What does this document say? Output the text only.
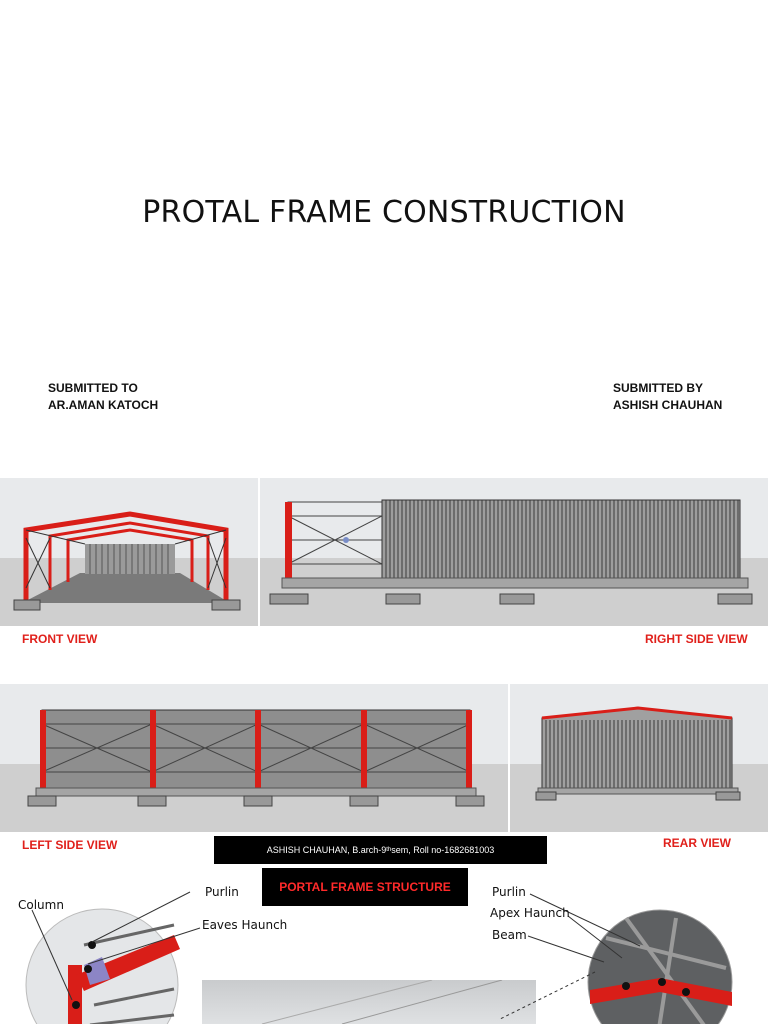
PROTAL FRAME CONSTRUCTION
SUBMITTED TO
AR.AMAN KATOCH
SUBMITTED BY
ASHISH CHAUHAN
FRONT VIEW	RIGHT SIDE VIEW
LEFT SIDE VIEW	REAR VIEW
ASHISH CHAUHAN, B.arch-9 th sem, Roll no-1682681003
PORTAL FRAME STRUCTURE
Column
Purlin
Eaves Haunch
Purlin
Apex Haunch
Beam
